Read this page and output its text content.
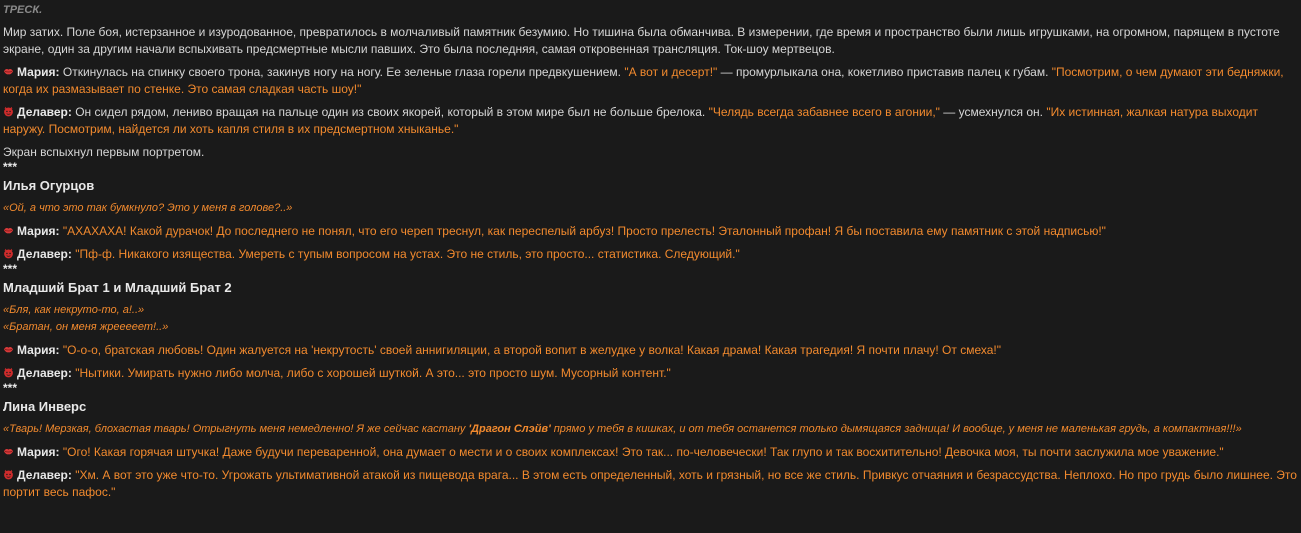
ТРЕСК.
Мир затих. Поле боя, истерзанное и изуродованное, превратилось в молчаливый памятник безумию. Но тишина была обманчива. В измерении, где время и пространство были лишь игрушками, на огромном, парящем в пустоте экране, один за другим начали вспыхивать предсмертные мысли павших. Это была последняя, самая откровенная трансляция. Ток-шоу мертвецов.
Мария: Откинулась на спинку своего трона, закинув ногу на ногу. Ее зеленые глаза горели предвкушением. "А вот и десерт!" — промурлыкала она, кокетливо приставив палец к губам. "Посмотрим, о чем думают эти бедняжки, когда их размазывает по стенке. Это самая сладкая часть шоу!"
Делавер: Он сидел рядом, лениво вращая на пальце один из своих якорей, который в этом мире был не больше брелока. "Челядь всегда забавнее всего в агонии," — усмехнулся он. "Их истинная, жалкая натура выходит наружу. Посмотрим, найдется ли хоть капля стиля в их предсмертном хныканье."
Экран вспыхнул первым портретом.
***
Илья Огурцов
«Ой, а что это так бумкнуло? Это у меня в голове?..»
Мария: "АХАХАХА! Какой дурачок! До последнего не понял, что его череп треснул, как переспелый арбуз! Просто прелесть! Эталонный профан! Я бы поставила ему памятник с этой надписью!"
Делавер: "Пф-ф. Никакого изящества. Умереть с тупым вопросом на устах. Это не стиль, это просто... статистика. Следующий."
***
Младший Брат 1 и Младший Брат 2
«Бля, как некруто-то, а!..»
«Братан, он меня жрееееет!..»
Мария: "О-о-о, братская любовь! Один жалуется на 'некрутость' своей аннигиляции, а второй вопит в желудке у волка! Какая драма! Какая трагедия! Я почти плачу! От смеха!"
Делавер: "Нытики. Умирать нужно либо молча, либо с хорошей шуткой. А это... это просто шум. Мусорный контент."
***
Лина Инверс
«Тварь! Мерзкая, блохастая тварь! Отрыгнуть меня немедленно! Я же сейчас кастану 'Драгон Слэйв' прямо у тебя в кишках, и от тебя останется только дымящаяся задница! И вообще, у меня не маленькая грудь, а компактная!!!»
Мария: "Ого! Какая горячая штучка! Даже будучи переваренной, она думает о мести и о своих комплексах! Это так... по-человечески! Так глупо и так восхитительно! Девочка моя, ты почти заслужила мое уважение."
Делавер: "Хм. А вот это уже что-то. Угрожать ультимативной атакой из пищевода врага... В этом есть определенный, хоть и грязный, но все же стиль. Привкус отчаяния и безрассудства. Неплохо. Но про грудь было лишнее. Это портит весь пафос."
